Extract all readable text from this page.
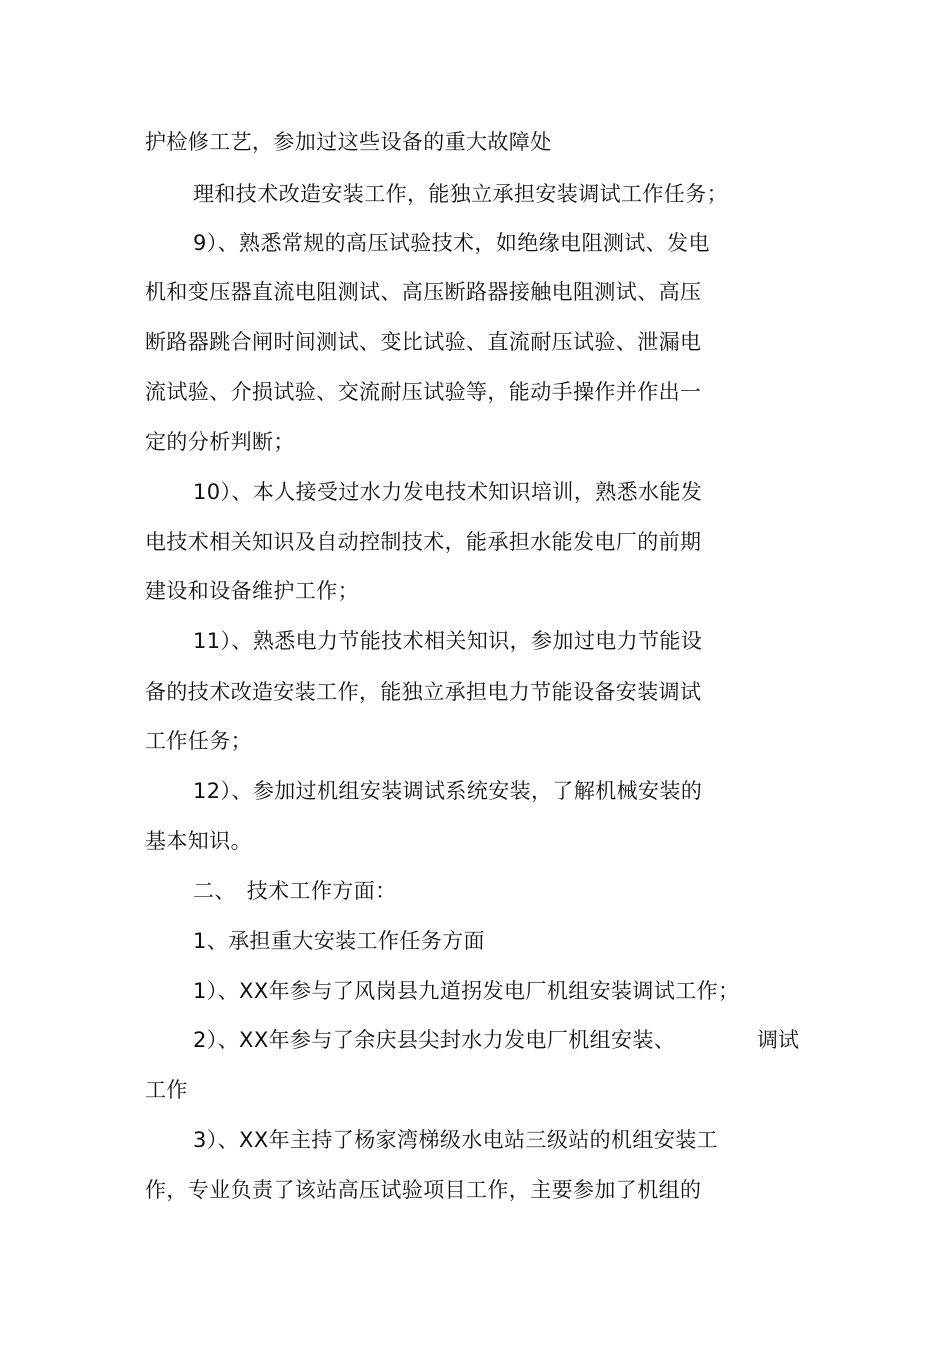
护检修工艺，参加过这些设备的重大故障处
理和技术改造安装工作，能独立承担安装调试工作任务；
9）、熟悉常规的高压试验技术，如绝缘电阻测试、发电
机和变压器直流电阻测试、高压断路器接触电阻测试、高压
断路器跳合闸时间测试、变比试验、直流耐压试验、泄漏电
流试验、介损试验、交流耐压试验等，能动手操作并作出一
定的分析判断；
10）、本人接受过水力发电技术知识培训，熟悉水能发
电技术相关知识及自动控制技术，能承担水能发电厂的前期
建设和设备维护工作；
11）、熟悉电力节能技术相关知识，参加过电力节能设
备的技术改造安装工作，能独立承担电力节能设备安装调试
工作任务；
12）、参加过机组安装调试系统安装，了解机械安装的
基本知识。
二、　技术工作方面：
1、承担重大安装工作任务方面
1）、XX年参与了风岗县九道拐发电厂机组安装调试工作；
2）、XX年参与了余庆县尖封水力发电厂机组安装、	调试
工作
3）、XX年主持了杨家湾梯级水电站三级站的机组安装工
作，专业负责了该站高压试验项目工作，主要参加了机组的
